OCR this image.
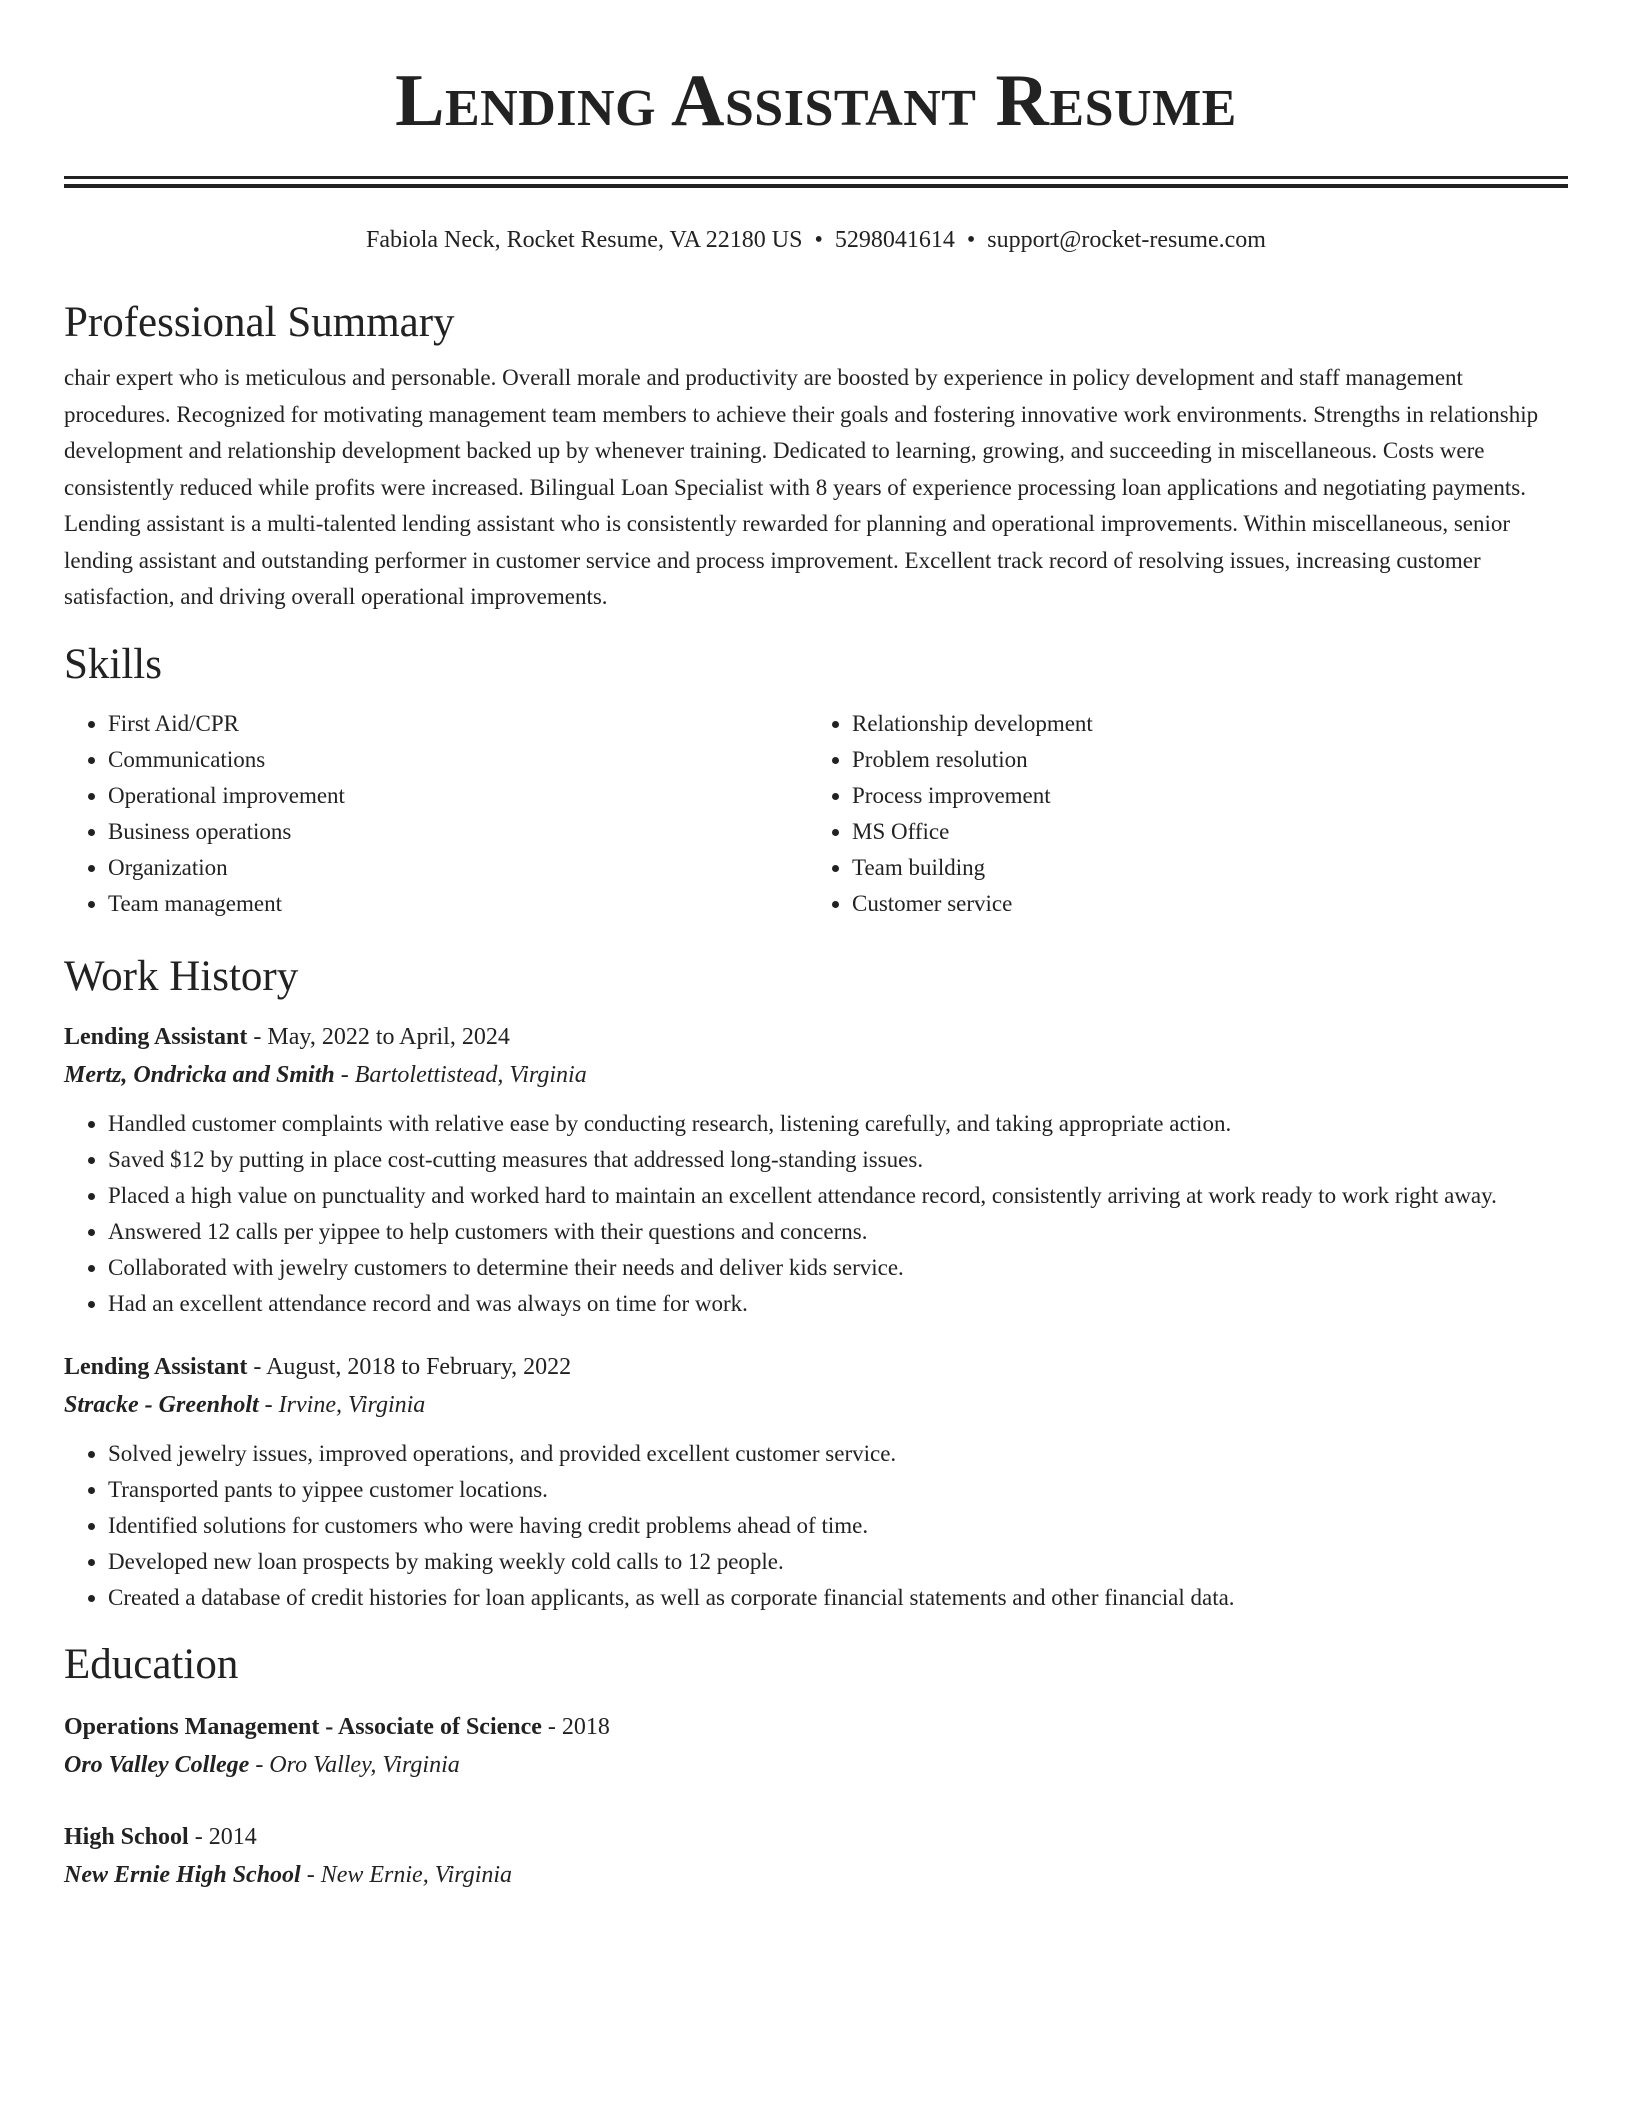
Lending Assistant Resume
Fabiola Neck, Rocket Resume, VA 22180 US • 5298041614 • support@rocket-resume.com
Professional Summary

chair expert who is meticulous and personable. Overall morale and productivity are boosted by experience in policy development and staff management procedures. Recognized for motivating management team members to achieve their goals and fostering innovative work environments. Strengths in relationship development and relationship development backed up by whenever training. Dedicated to learning, growing, and succeeding in miscellaneous. Costs were consistently reduced while profits were increased. Bilingual Loan Specialist with 8 years of experience processing loan applications and negotiating payments. Lending assistant is a multi-talented lending assistant who is consistently rewarded for planning and operational improvements. Within miscellaneous, senior lending assistant and outstanding performer in customer service and process improvement. Excellent track record of resolving issues, increasing customer satisfaction, and driving overall operational improvements.

Skills
• First Aid/CPR
• Communications
• Operational improvement
• Business operations
• Organization
• Team management
• Relationship development
• Problem resolution
• Process improvement
• MS Office
• Team building
• Customer service
Work History
Lending Assistant - May, 2022 to April, 2024
Mertz, Ondricka and Smith - Bartolettistead, Virginia
• Handled customer complaints with relative ease by conducting research, listening carefully, and taking appropriate action.
• Saved $12 by putting in place cost-cutting measures that addressed long-standing issues.
• Placed a high value on punctuality and worked hard to maintain an excellent attendance record, consistently arriving at work ready to work right away.
• Answered 12 calls per yippee to help customers with their questions and concerns.
• Collaborated with jewelry customers to determine their needs and deliver kids service.
• Had an excellent attendance record and was always on time for work.
Lending Assistant - August, 2018 to February, 2022
Stracke - Greenholt - Irvine, Virginia
• Solved jewelry issues, improved operations, and provided excellent customer service.
• Transported pants to yippee customer locations.
• Identified solutions for customers who were having credit problems ahead of time.
• Developed new loan prospects by making weekly cold calls to 12 people.
• Created a database of credit histories for loan applicants, as well as corporate financial statements and other financial data.
Education
Operations Management - Associate of Science - 2018
Oro Valley College - Oro Valley, Virginia
High School - 2014
New Ernie High School - New Ernie, Virginia
